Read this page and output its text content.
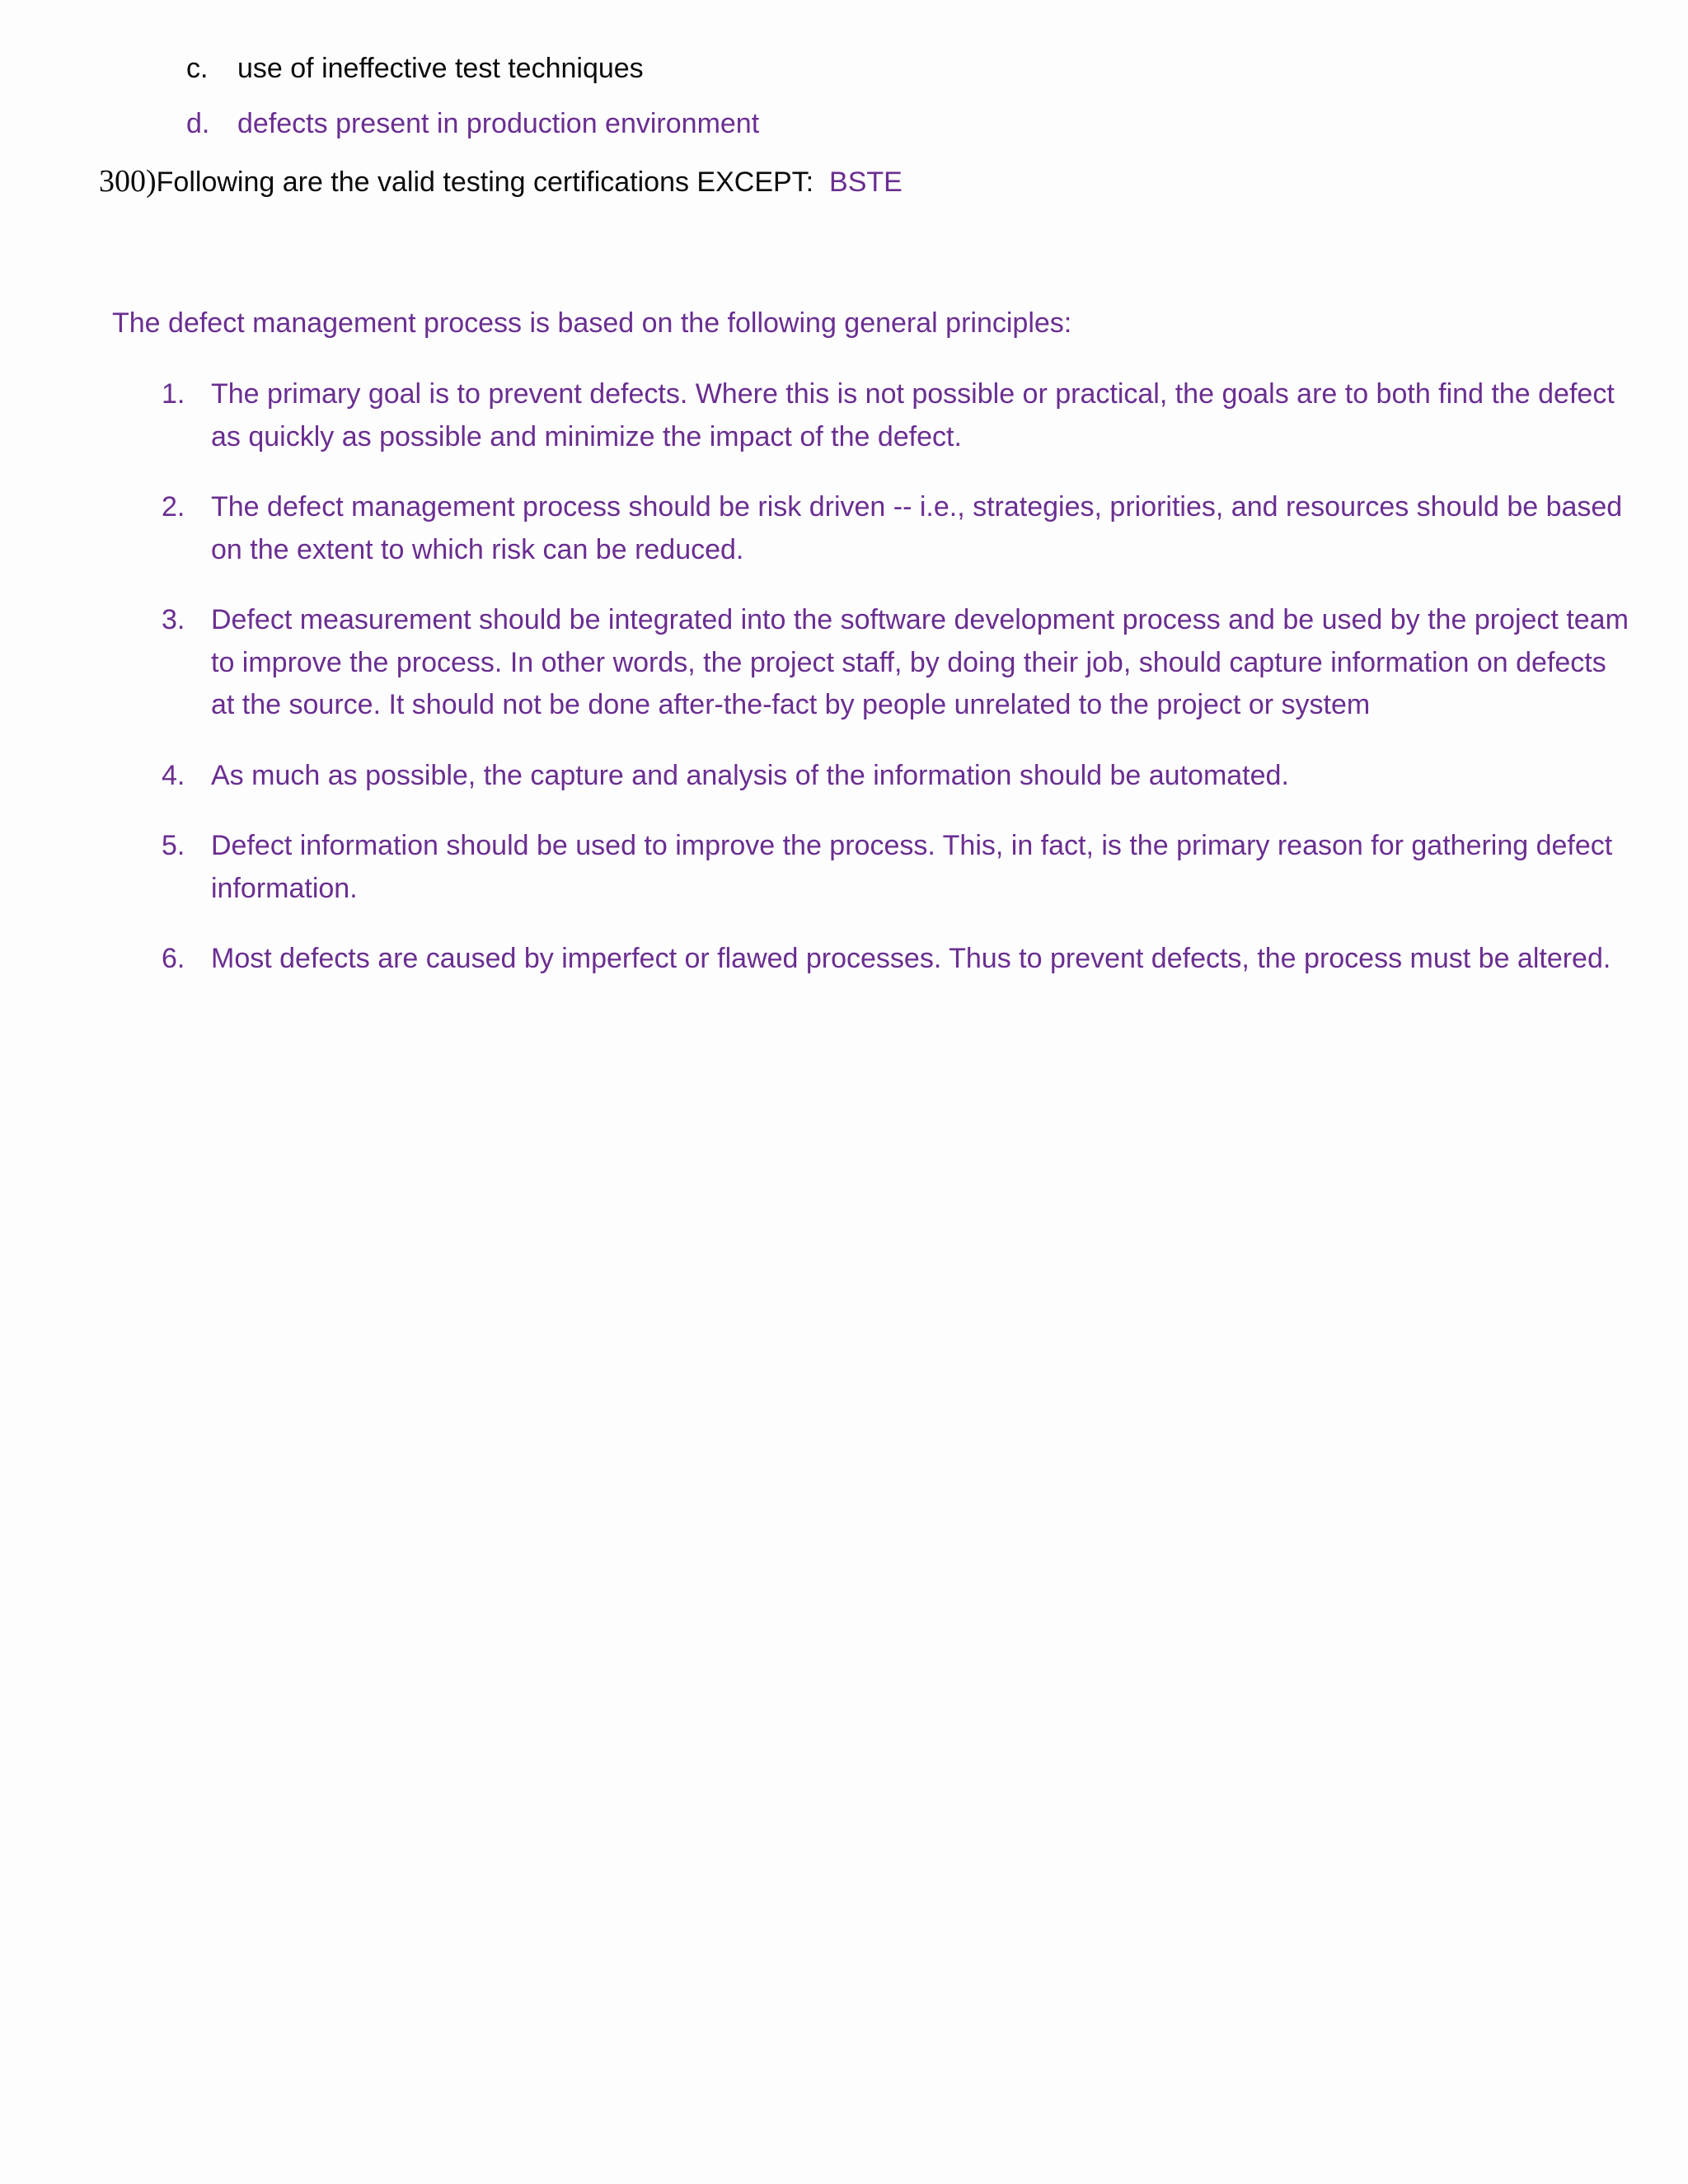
c. use of ineffective test techniques
d. defects present in production environment
300)Following are the valid testing certifications EXCEPT: BSTE
The defect management process is based on the following general principles:
1. The primary goal is to prevent defects. Where this is not possible or practical, the goals are to both find the defect as quickly as possible and minimize the impact of the defect.
2. The defect management process should be risk driven -- i.e., strategies, priorities, and resources should be based on the extent to which risk can be reduced.
3. Defect measurement should be integrated into the software development process and be used by the project team to improve the process. In other words, the project staff, by doing their job, should capture information on defects at the source. It should not be done after-the-fact by people unrelated to the project or system
4. As much as possible, the capture and analysis of the information should be automated.
5. Defect information should be used to improve the process. This, in fact, is the primary reason for gathering defect information.
6. Most defects are caused by imperfect or flawed processes. Thus to prevent defects, the process must be altered.
